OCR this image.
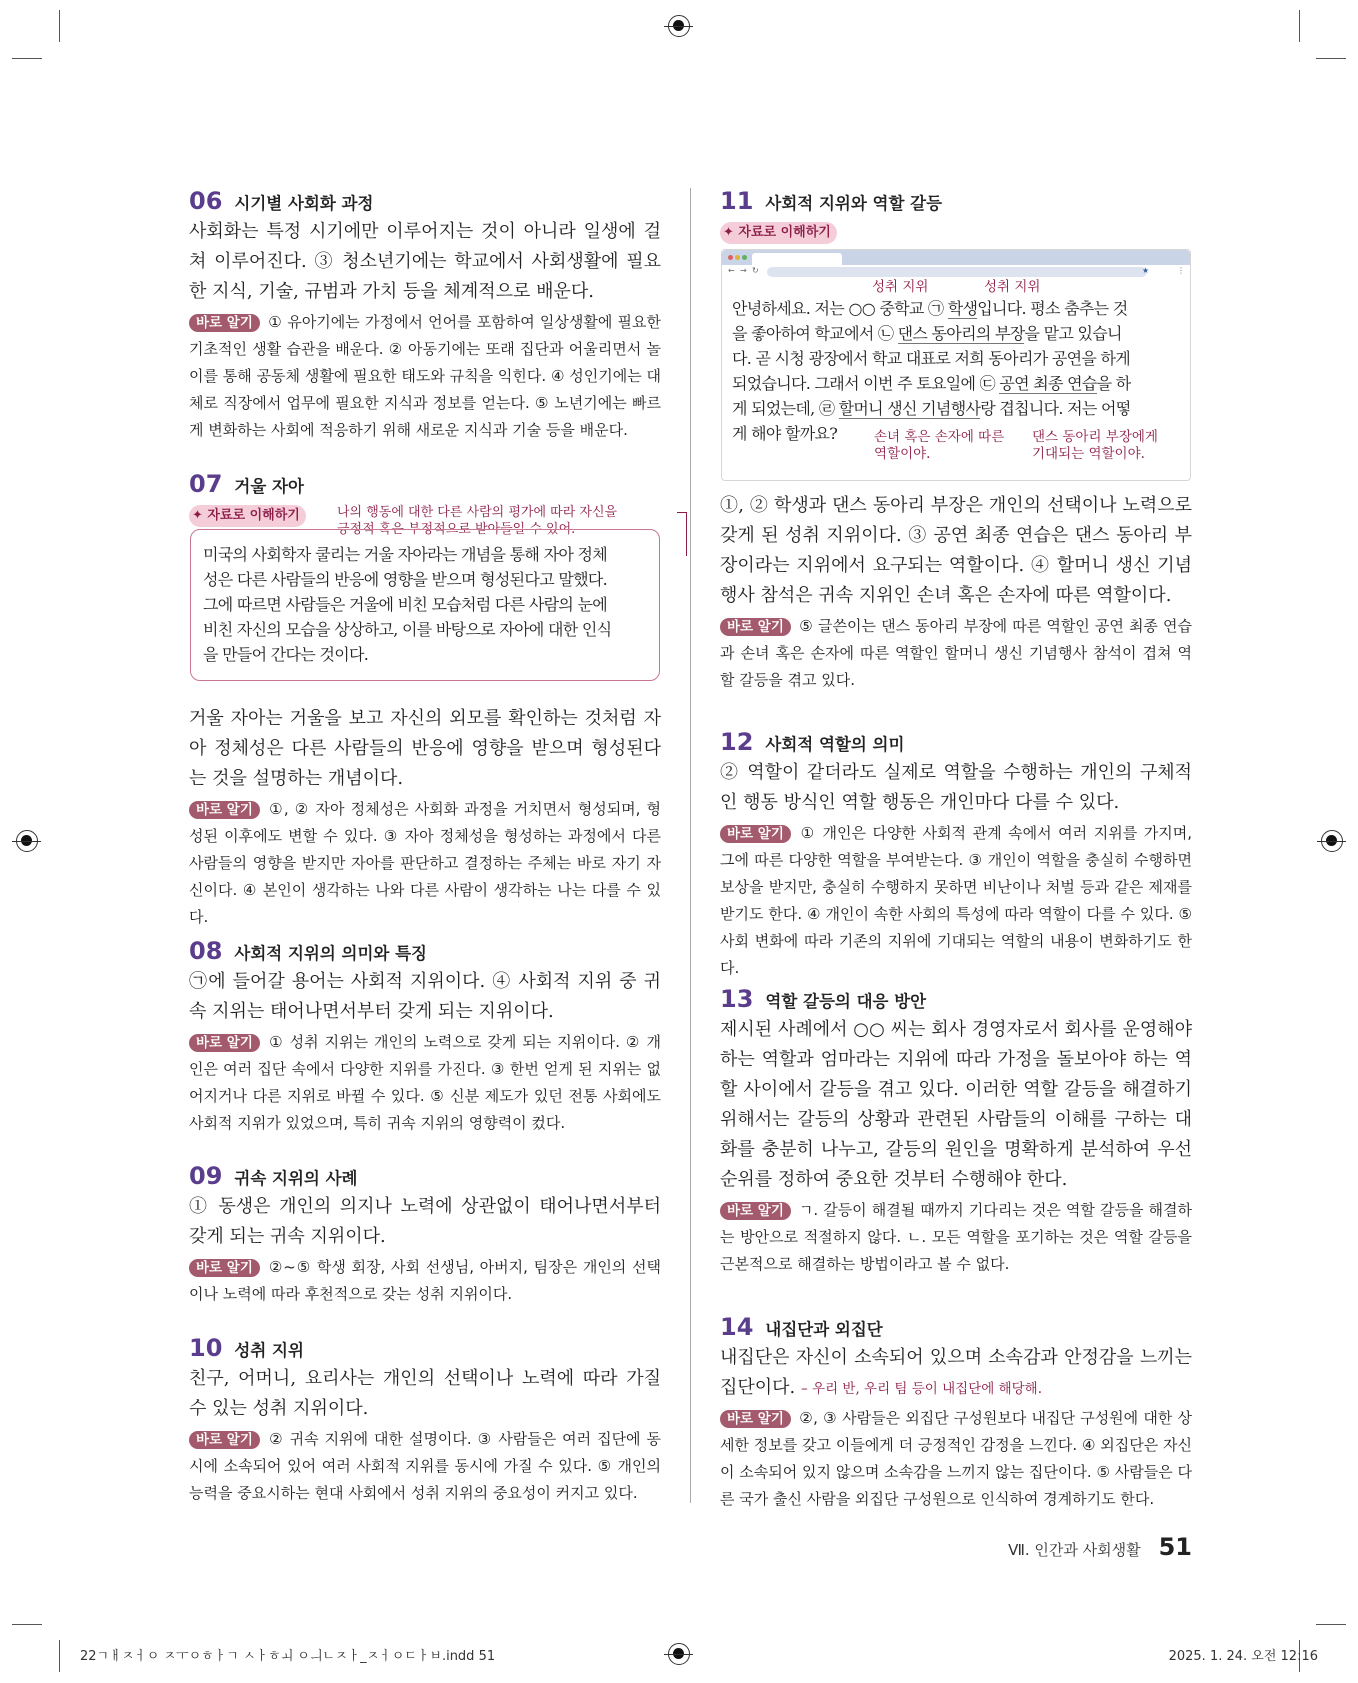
06 시기별 사회화 과정

사회화는 특정 시기에만 이루어지는 것이 아니라 일생에 걸쳐 이루어진다. ③ 청소년기에는 학교에서 사회생활에 필요한 지식, 기술, 규범과 가치 등을 체계적으로 배운다.

바로 알기 ① 유아기에는 가정에서 언어를 포함하여 일상생활에 필요한 기초적인 생활 습관을 배운다. ② 아동기에는 또래 집단과 어울리면서 놀이를 통해 공동체 생활에 필요한 태도와 규칙을 익힌다. ④ 성인기에는 대체로 직장에서 업무에 필요한 지식과 정보를 얻는다. ⑤ 노년기에는 빠르게 변화하는 사회에 적응하기 위해 새로운 지식과 기술 등을 배운다.

07 거울 자아
✦ 자료로 이해하기	나의 행동에 대한 다른 사람의 평가에 따라 자신을
긍정적 혹은 부정적으로 받아들일 수 있어.
미국의 사회학자 쿨리는 거울 자아라는 개념을 통해 자아 정체
성은 다른 사람들의 반응에 영향을 받으며 형성된다고 말했다.
그에 따르면 사람들은 거울에 비친 모습처럼 다른 사람의 눈에
비친 자신의 모습을 상상하고, 이를 바탕으로 자아에 대한 인식
을 만들어 간다는 것이다.

거울 자아는 거울을 보고 자신의 외모를 확인하는 것처럼 자아 정체성은 다른 사람들의 반응에 영향을 받으며 형성된다는 것을 설명하는 개념이다.

바로 알기 ①, ② 자아 정체성은 사회화 과정을 거치면서 형성되며, 형성된 이후에도 변할 수 있다. ③ 자아 정체성을 형성하는 과정에서 다른 사람들의 영향을 받지만 자아를 판단하고 결정하는 주체는 바로 자기 자신이다. ④ 본인이 생각하는 나와 다른 사람이 생각하는 나는 다를 수 있다.

08 사회적 지위의 의미와 특징

㉠에 들어갈 용어는 사회적 지위이다. ④ 사회적 지위 중 귀속 지위는 태어나면서부터 갖게 되는 지위이다.

바로 알기 ① 성취 지위는 개인의 노력으로 갖게 되는 지위이다. ② 개인은 여러 집단 속에서 다양한 지위를 가진다. ③ 한번 얻게 된 지위는 없어지거나 다른 지위로 바뀔 수 있다. ⑤ 신분 제도가 있던 전통 사회에도 사회적 지위가 있었으며, 특히 귀속 지위의 영향력이 컸다.

09 귀속 지위의 사례

① 동생은 개인의 의지나 노력에 상관없이 태어나면서부터 갖게 되는 귀속 지위이다.

바로 알기 ②~⑤ 학생 회장, 사회 선생님, 아버지, 팀장은 개인의 선택이나 노력에 따라 후천적으로 갖는 성취 지위이다.

10 성취 지위

친구, 어머니, 요리사는 개인의 선택이나 노력에 따라 가질 수 있는 성취 지위이다.

바로 알기 ② 귀속 지위에 대한 설명이다. ③ 사람들은 여러 집단에 동시에 소속되어 있어 여러 사회적 지위를 동시에 가질 수 있다. ⑤ 개인의 능력을 중요시하는 현대 사회에서 성취 지위의 중요성이 커지고 있다.

11 사회적 지위와 역할 갈등
✦ 자료로 이해하기
← → ↻	★	⋮
성취 지위	성취 지위
안녕하세요. 저는 ○○ 중학교 ㉠ 학생입니다. 평소 춤추는 것
을 좋아하여 학교에서 ㉡ 댄스 동아리의 부장을 맡고 있습니
다. 곧 시청 광장에서 학교 대표로 저희 동아리가 공연을 하게
되었습니다. 그래서 이번 주 토요일에 ㉢ 공연 최종 연습을 하
게 되었는데, ㉣ 할머니 생신 기념행사랑 겹칩니다. 저는 어떻
게 해야 할까요?	손녀 혹은 손자에 따른
역할이야.
댄스 동아리 부장에게
기대되는 역할이야.

①, ② 학생과 댄스 동아리 부장은 개인의 선택이나 노력으로 갖게 된 성취 지위이다. ③ 공연 최종 연습은 댄스 동아리 부장이라는 지위에서 요구되는 역할이다. ④ 할머니 생신 기념행사 참석은 귀속 지위인 손녀 혹은 손자에 따른 역할이다.

바로 알기 ⑤ 글쓴이는 댄스 동아리 부장에 따른 역할인 공연 최종 연습과 손녀 혹은 손자에 따른 역할인 할머니 생신 기념행사 참석이 겹쳐 역할 갈등을 겪고 있다.

12 사회적 역할의 의미

② 역할이 같더라도 실제로 역할을 수행하는 개인의 구체적인 행동 방식인 역할 행동은 개인마다 다를 수 있다.

바로 알기 ① 개인은 다양한 사회적 관계 속에서 여러 지위를 가지며, 그에 따른 다양한 역할을 부여받는다. ③ 개인이 역할을 충실히 수행하면 보상을 받지만, 충실히 수행하지 못하면 비난이나 처벌 등과 같은 제재를 받기도 한다. ④ 개인이 속한 사회의 특성에 따라 역할이 다를 수 있다. ⑤ 사회 변화에 따라 기존의 지위에 기대되는 역할의 내용이 변화하기도 한다.

13 역할 갈등의 대응 방안

제시된 사례에서 ○○ 씨는 회사 경영자로서 회사를 운영해야 하는 역할과 엄마라는 지위에 따라 가정을 돌보아야 하는 역할 사이에서 갈등을 겪고 있다. 이러한 역할 갈등을 해결하기 위해서는 갈등의 상황과 관련된 사람들의 이해를 구하는 대화를 충분히 나누고, 갈등의 원인을 명확하게 분석하여 우선순위를 정하여 중요한 것부터 수행해야 한다.

바로 알기 ㄱ. 갈등이 해결될 때까지 기다리는 것은 역할 갈등을 해결하는 방안으로 적절하지 않다. ㄴ. 모든 역할을 포기하는 것은 역할 갈등을 근본적으로 해결하는 방법이라고 볼 수 없다.

14 내집단과 외집단

내집단은 자신이 소속되어 있으며 소속감과 안정감을 느끼는 집단이다. – 우리 반, 우리 팀 등이 내집단에 해당해.

바로 알기 ②, ③ 사람들은 외집단 구성원보다 내집단 구성원에 대한 상세한 정보를 갖고 이들에게 더 긍정적인 감정을 느낀다. ④ 외집단은 자신이 소속되어 있지 않으며 소속감을 느끼지 않는 집단이다. ⑤ 사람들은 다른 국가 출신 사람을 외집단 구성원으로 인식하여 경계하기도 한다.

Ⅶ. 인간과 사회생활 51
22ㄱㅐㅈㅓㅇ ㅈㅜㅇㅎㅏㄱ ㅅㅏㅎㅚ ㅇㅢㄴㅈㅏ_ㅈㅓㅇㄷㅏㅂ.indd 51	2025. 1. 24. 오전 12:16
